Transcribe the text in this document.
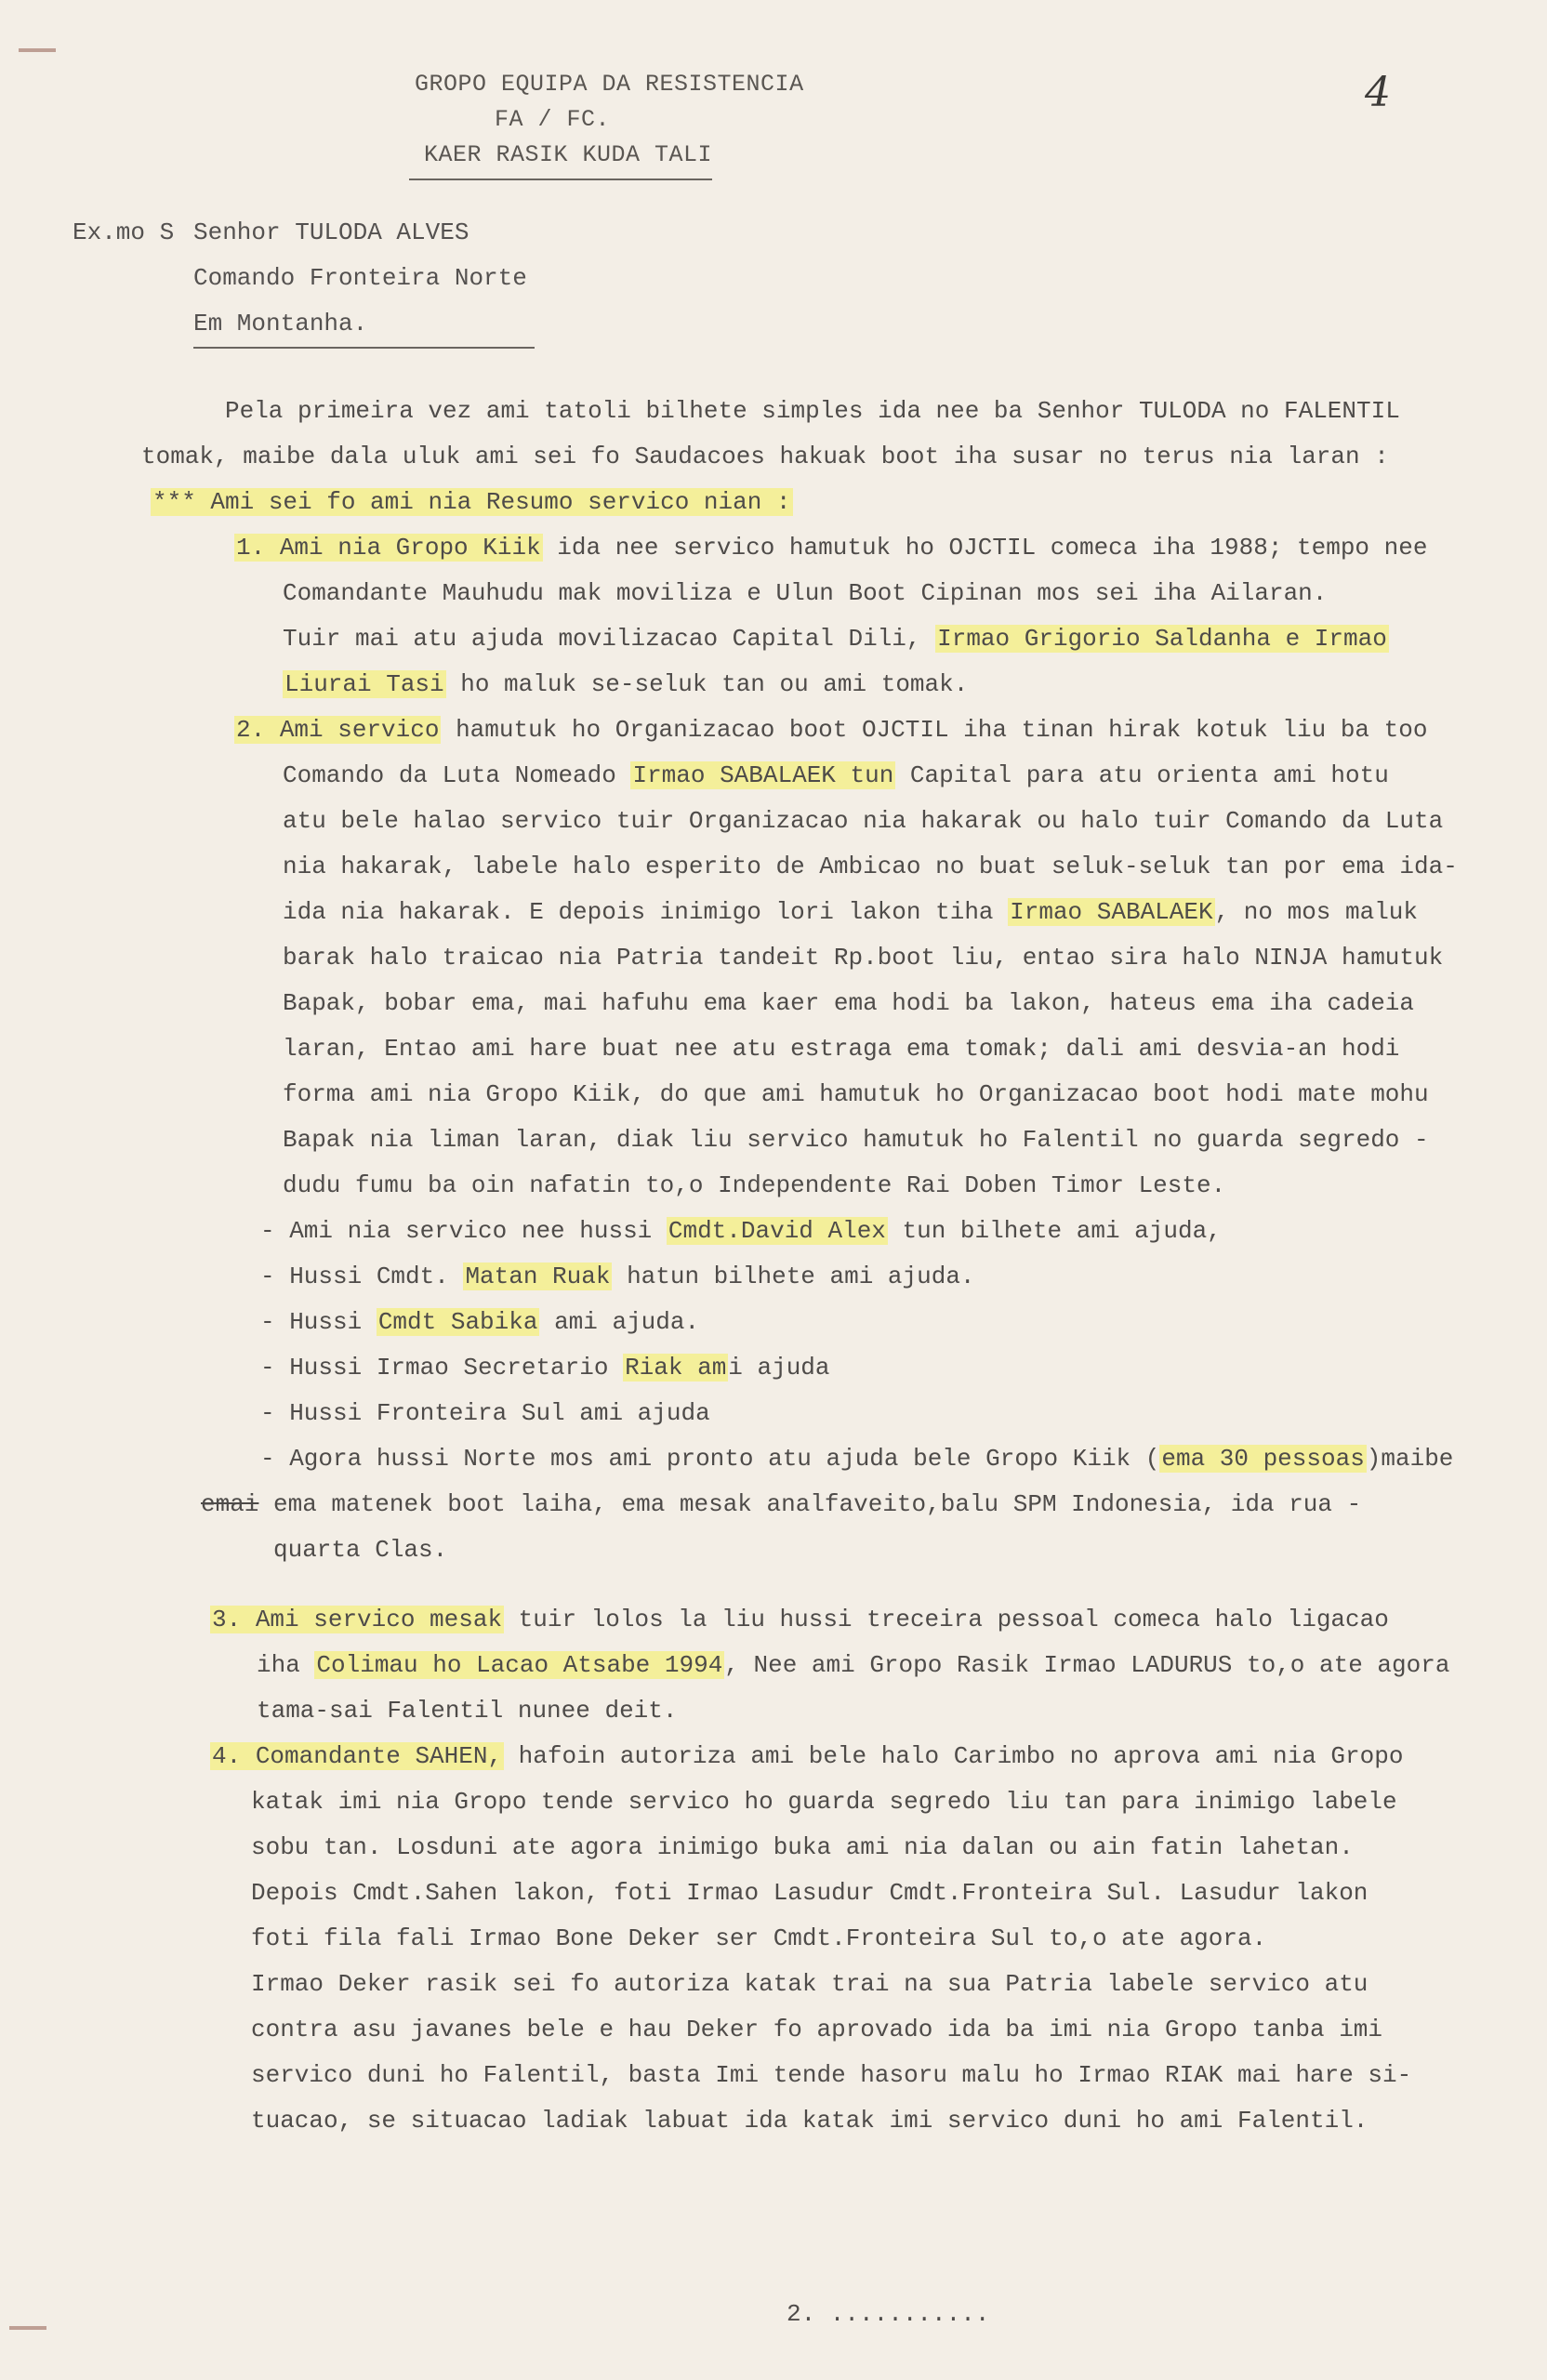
GROPO EQUIPA DA RESISTENCIA
FA / FC.
KAER RASIK KUDA TALI
4
Ex.mo S Senhor TULODA ALVES
Comando Fronteira Norte
Em Montanha.

Pela primeira vez ami tatoli bilhete simples ida nee ba Senhor TULODA no FALENTIL

tomak, maibe dala uluk ami sei fo Saudacoes hakuak boot iha susar no terus nia laran :

*** Ami sei fo ami nia Resumo servico nian :

1. Ami nia Gropo Kiik ida nee servico hamutuk ho OJCTIL comeca iha 1988; tempo nee

Comandante Mauhudu mak moviliza e Ulun Boot Cipinan mos sei iha Ailaran.

Tuir mai atu ajuda movilizacao Capital Dili, Irmao Grigorio Saldanha e Irmao

Liurai Tasi ho maluk se-seluk tan ou ami tomak.

2. Ami servico hamutuk ho Organizacao boot OJCTIL iha tinan hirak kotuk liu ba too

Comando da Luta Nomeado Irmao SABALAEK tun Capital para atu orienta ami hotu

atu bele halao servico tuir Organizacao nia hakarak ou halo tuir Comando da Luta

nia hakarak, labele halo esperito de Ambicao no buat seluk-seluk tan por ema ida-

ida nia hakarak. E depois inimigo lori lakon tiha Irmao SABALAEK, no mos maluk

barak halo traicao nia Patria tandeit Rp.boot liu, entao sira halo NINJA hamutuk

Bapak, bobar ema, mai hafuhu ema kaer ema hodi ba lakon, hateus ema iha cadeia

laran, Entao ami hare buat nee atu estraga ema tomak; dali ami desvia-an hodi

forma ami nia Gropo Kiik, do que ami hamutuk ho Organizacao boot hodi mate mohu

Bapak nia liman laran, diak liu servico hamutuk ho Falentil no guarda segredo -

dudu fumu ba oin nafatin to,o Independente Rai Doben Timor Leste.

- Ami nia servico nee hussi Cmdt.David Alex tun bilhete ami ajuda,

- Hussi Cmdt. Matan Ruak hatun bilhete ami ajuda.

- Hussi Cmdt Sabika ami ajuda.

- Hussi Irmao Secretario Riak ami ajuda

- Hussi Fronteira Sul ami ajuda

- Agora hussi Norte mos ami pronto atu ajuda bele Gropo Kiik (ema 30 pessoas)maibe

emai ema matenek boot laiha, ema mesak analfaveito,balu SPM Indonesia, ida rua -

quarta Clas.

3. Ami servico mesak tuir lolos la liu hussi treceira pessoal comeca halo ligacao

iha Colimau ho Lacao Atsabe 1994, Nee ami Gropo Rasik Irmao LADURUS to,o ate agora

tama-sai Falentil nunee deit.

4. Comandante SAHEN, hafoin autoriza ami bele halo Carimbo no aprova ami nia Gropo

katak imi nia Gropo tende servico ho guarda segredo liu tan para inimigo labele

sobu tan. Losduni ate agora inimigo buka ami nia dalan ou ain fatin lahetan.

Depois Cmdt.Sahen lakon, foti Irmao Lasudur Cmdt.Fronteira Sul. Lasudur lakon

foti fila fali Irmao Bone Deker ser Cmdt.Fronteira Sul to,o ate agora.

Irmao Deker rasik sei fo autoriza katak trai na sua Patria labele servico atu

contra asu javanes bele e hau Deker fo aprovado ida ba imi nia Gropo tanba imi

servico duni ho Falentil, basta Imi tende hasoru malu ho Irmao RIAK mai hare si-

tuacao, se situacao ladiak labuat ida katak imi servico duni ho ami Falentil.

2. ...........
